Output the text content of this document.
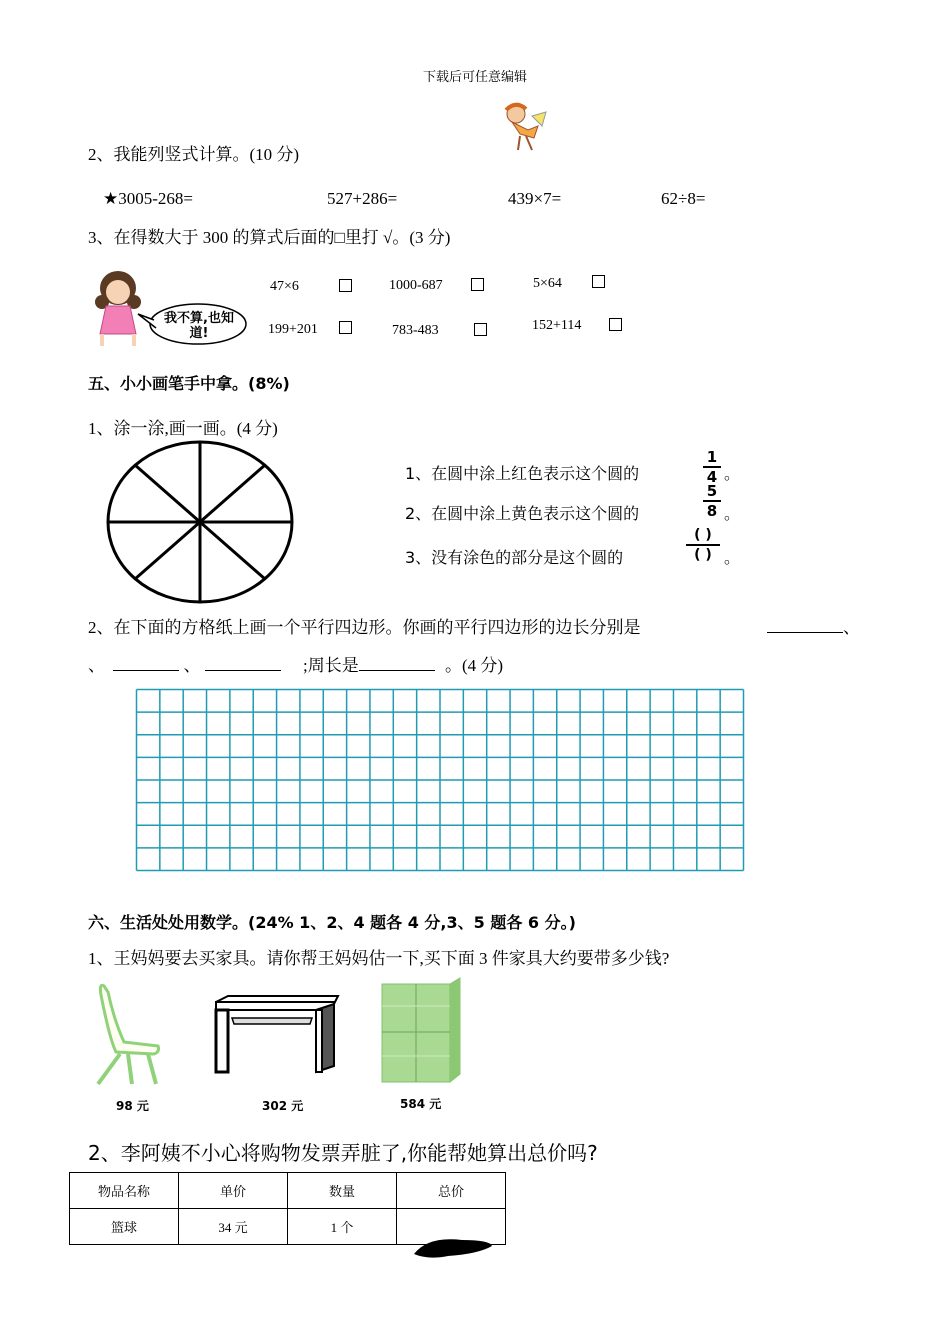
下载后可任意编辑
2、我能列竖式计算。(10 分)
★3005-268=	527+286=	439×7=	62÷8=
3、在得数大于 300 的算式后面的□里打 √。(3 分)
我不算,也知道!
47×6	1000-687	5×64
199+201	783-483	152+114
五、小小画笔手中拿。(8%)
1、涂一涂,画一画。(4 分)
1、在圆中涂上红色表示这个圆的
1
4 。
2、在圆中涂上黄色表示这个圆的
5
8 。
3、没有涂色的部分是这个圆的
( )
( ) 。
2、在下面的方格纸上画一个平行四边形。你画的平行四边形的边长分别是	、
、	、	;周长是	。(4 分)
六、生活处处用数学。(24% 1、2、4 题各 4 分,3、5 题各 6 分。)
1、王妈妈要去买家具。请你帮王妈妈估一下,买下面 3 件家具大约要带多少钱?
98 元	302 元	584 元
2、李阿姨不小心将购物发票弄脏了,你能帮她算出总价吗?
物品名称	单价	数量	总价
篮球	34 元	1 个	
